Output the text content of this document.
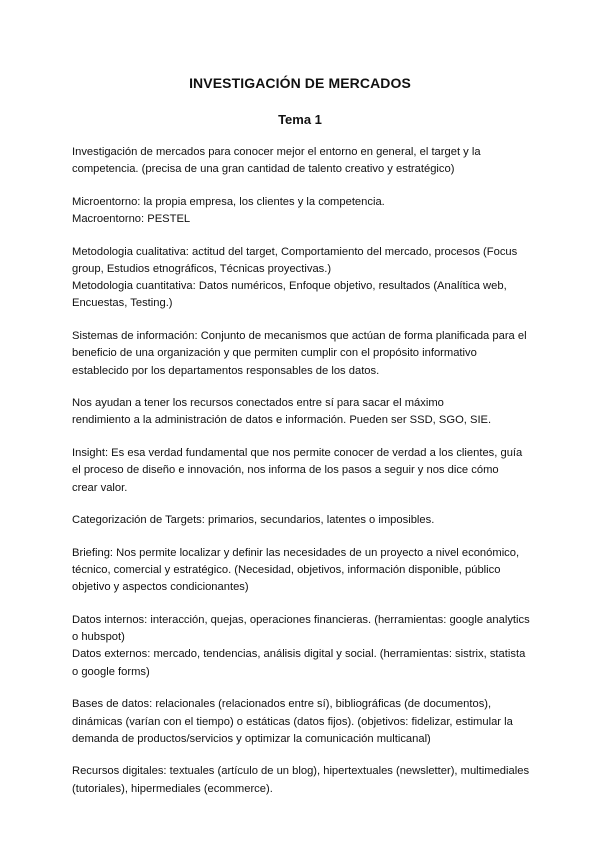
INVESTIGACIÓN DE MERCADOS
Tema 1
Investigación de mercados para conocer mejor el entorno en general, el target y la
competencia. (precisa de una gran cantidad de talento creativo y estratégico)
Microentorno: la propia empresa, los clientes y la competencia.
Macroentorno: PESTEL
Metodologia cualitativa: actitud del target, Comportamiento del mercado, procesos (Focus
group, Estudios etnográficos, Técnicas proyectivas.)
Metodologia cuantitativa: Datos numéricos, Enfoque objetivo, resultados (Analítica web,
Encuestas, Testing.)
Sistemas de información: Conjunto de mecanismos que actúan de forma planificada para el
beneficio de una organización y que permiten cumplir con el propósito informativo
establecido por los departamentos responsables de los datos.
Nos ayudan a tener los recursos conectados entre sí para sacar el máximo
rendimiento a la administración de datos e información. Pueden ser SSD, SGO, SIE.
Insight: Es esa verdad fundamental que nos permite conocer de verdad a los clientes, guía
el proceso de diseño e innovación, nos informa de los pasos a seguir y nos dice cómo
crear valor.
Categorización de Targets: primarios, secundarios, latentes o imposibles.
Briefing: Nos permite localizar y definir las necesidades de un proyecto a nivel económico,
técnico, comercial y estratégico. (Necesidad, objetivos, información disponible, público
objetivo y aspectos condicionantes)
Datos internos: interacción, quejas, operaciones financieras. (herramientas: google analytics
o hubspot)
Datos externos: mercado, tendencias, análisis digital y social. (herramientas: sistrix, statista
o google forms)
Bases de datos: relacionales (relacionados entre sí), bibliográficas (de documentos),
dinámicas (varían con el tiempo) o estáticas (datos fijos). (objetivos: fidelizar, estimular la
demanda de productos/servicios y optimizar la comunicación multicanal)
Recursos digitales: textuales (artículo de un blog), hipertextuales (newsletter), multimediales
(tutoriales), hipermediales (ecommerce).
